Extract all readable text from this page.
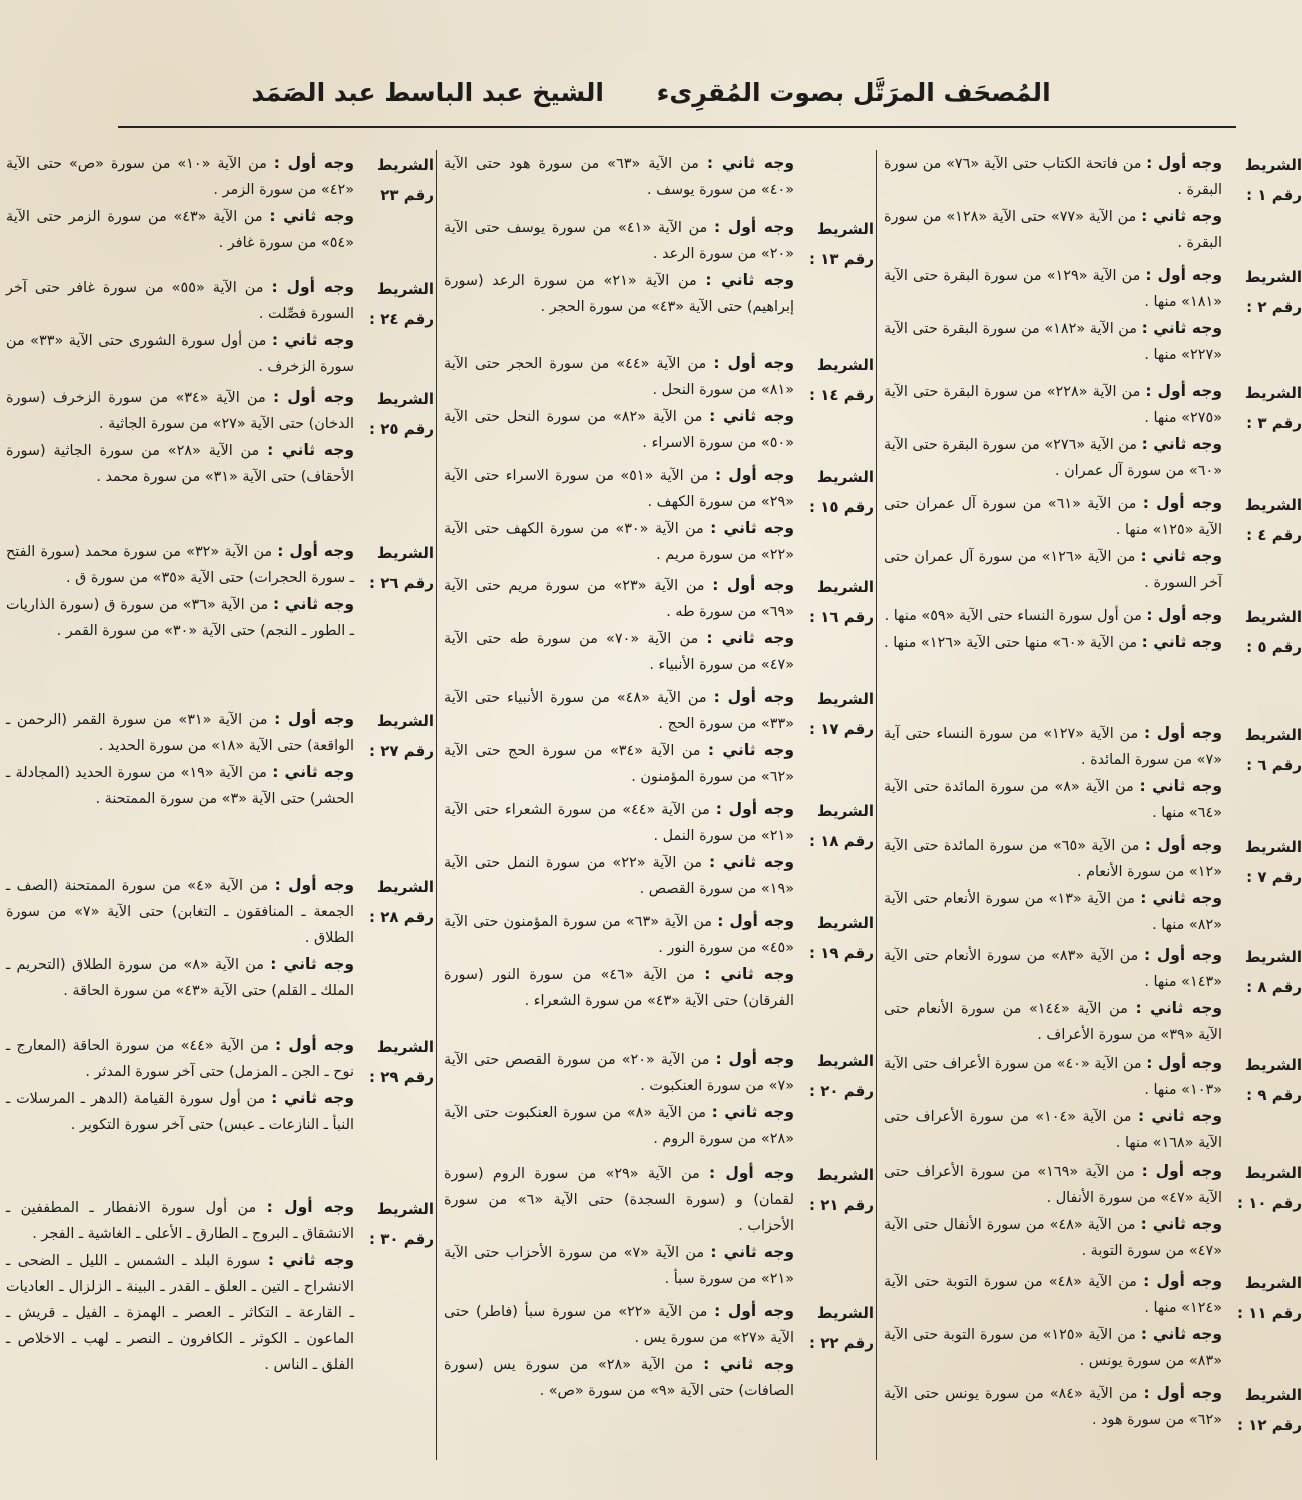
المُصحَف المرَتَّل بصوت المُقرِىء الشيخ عبد الباسط عبد الصَمَد
الشريط
رقم ١ :
وجه أول : من فاتحة الكتاب حتى الآية «٧٦» من سورة البقرة .
وجه ثاني : من الآية «٧٧» حتى الآية «١٢٨» من سورة البقرة .
الشريط
رقم ٢ :
وجه أول : من الآية «١٢٩» من سورة البقرة حتى الآية «١٨١» منها .
وجه ثاني : من الآية «١٨٢» من سورة البقرة حتى الآية «٢٢٧» منها .
الشريط
رقم ٣ :
وجه أول : من الآية «٢٢٨» من سورة البقرة حتى الآية «٢٧٥» منها .
وجه ثاني : من الآية «٢٧٦» من سورة البقرة حتى الآية «٦٠» من سورة آل عمران .
الشريط
رقم ٤ :
وجه أول : من الآية «٦١» من سورة آل عمران حتى الآية «١٢٥» منها .
وجه ثاني : من الآية «١٢٦» من سورة آل عمران حتى آخر السورة .
الشريط
رقم ٥ :
وجه أول : من أول سورة النساء حتى الآية «٥٩» منها .
وجه ثاني : من الآية «٦٠» منها حتى الآية «١٢٦» منها .
الشريط
رقم ٦ :
وجه أول : من الآية «١٢٧» من سورة النساء حتى آية «٧» من سورة المائدة .
وجه ثاني : من الآية «٨» من سورة المائدة حتى الآية «٦٤» منها .
الشريط
رقم ٧ :
وجه أول : من الآية «٦٥» من سورة المائدة حتى الآية «١٢» من سورة الأنعام .
وجه ثاني : من الآية «١٣» من سورة الأنعام حتى الآية «٨٢» منها .
الشريط
رقم ٨ :
وجه أول : من الآية «٨٣» من سورة الأنعام حتى الآية «١٤٣» منها .
وجه ثاني : من الآية «١٤٤» من سورة الأنعام حتى الآية «٣٩» من سورة الأعراف .
الشريط
رقم ٩ :
وجه أول : من الآية «٤٠» من سورة الأعراف حتى الآية «١٠٣» منها .
وجه ثاني : من الآية «١٠٤» من سورة الأعراف حتى الآية «١٦٨» منها .
الشريط
رقم ١٠ :
وجه أول : من الآية «١٦٩» من سورة الأعراف حتى الآية «٤٧» من سورة الأنفال .
وجه ثاني : من الآية «٤٨» من سورة الأنفال حتى الآية «٤٧» من سورة التوبة .
الشريط
رقم ١١ :
وجه أول : من الآية «٤٨» من سورة التوبة حتى الآية «١٢٤» منها .
وجه ثاني : من الآية «١٢٥» من سورة التوبة حتى الآية «٨٣» من سورة يونس .
الشريط
رقم ١٢ :
وجه أول : من الآية «٨٤» من سورة يونس حتى الآية «٦٢» من سورة هود .
وجه ثاني : من الآية «٦٣» من سورة هود حتى الآية «٤٠» من سورة يوسف .
الشريط
رقم ١٣ :
وجه أول : من الآية «٤١» من سورة يوسف حتى الآية «٢٠» من سورة الرعد .
وجه ثاني : من الآية «٢١» من سورة الرعد (سورة إبراهيم) حتى الآية «٤٣» من سورة الحجر .
الشريط
رقم ١٤ :
وجه أول : من الآية «٤٤» من سورة الحجر حتى الآية «٨١» من سورة النحل .
وجه ثاني : من الآية «٨٢» من سورة النحل حتى الآية «٥٠» من سورة الاسراء .
الشريط
رقم ١٥ :
وجه أول : من الآية «٥١» من سورة الاسراء حتى الآية «٢٩» من سورة الكهف .
وجه ثاني : من الآية «٣٠» من سورة الكهف حتى الآية «٢٢» من سورة مريم .
الشريط
رقم ١٦ :
وجه أول : من الآية «٢٣» من سورة مريم حتى الآية «٦٩» من سورة طه .
وجه ثاني : من الآية «٧٠» من سورة طه حتى الآية «٤٧» من سورة الأنبياء .
الشريط
رقم ١٧ :
وجه أول : من الآية «٤٨» من سورة الأنبياء حتى الآية «٣٣» من سورة الحج .
وجه ثاني : من الآية «٣٤» من سورة الحج حتى الآية «٦٢» من سورة المؤمنون .
الشريط
رقم ١٨ :
وجه أول : من الآية «٤٤» من سورة الشعراء حتى الآية «٢١» من سورة النمل .
وجه ثاني : من الآية «٢٢» من سورة النمل حتى الآية «١٩» من سورة القصص .
الشريط
رقم ١٩ :
وجه أول : من الآية «٦٣» من سورة المؤمنون حتى الآية «٤٥» من سورة النور .
وجه ثاني : من الآية «٤٦» من سورة النور (سورة الفرقان) حتى الآية «٤٣» من سورة الشعراء .
الشريط
رقم ٢٠ :
وجه أول : من الآية «٢٠» من سورة القصص حتى الآية «٧» من سورة العنكبوت .
وجه ثاني : من الآية «٨» من سورة العنكبوت حتى الآية «٢٨» من سورة الروم .
الشريط
رقم ٢١ :
وجه أول : من الآية «٢٩» من سورة الروم (سورة لقمان) و (سورة السجدة) حتى الآية «٦» من سورة الأحزاب .
وجه ثاني : من الآية «٧» من سورة الأحزاب حتى الآية «٢١» من سورة سبأ .
الشريط
رقم ٢٢ :
وجه أول : من الآية «٢٢» من سورة سبأ (فاطر) حتى الآية «٢٧» من سورة يس .
وجه ثاني : من الآية «٢٨» من سورة يس (سورة الصافات) حتى الآية «٩» من سورة «ص» .
الشريط
رقم ٢٣
وجه أول : من الآية «١٠» من سورة «ص» حتى الآية «٤٢» من سورة الزمر .
وجه ثاني : من الآية «٤٣» من سورة الزمر حتى الآية «٥٤» من سورة غافر .
الشريط
رقم ٢٤ :
وجه أول : من الآية «٥٥» من سورة غافر حتى آخر السورة فصِّلت .
وجه ثاني : من أول سورة الشورى حتى الآية «٣٣» من سورة الزخرف .
الشريط
رقم ٢٥ :
وجه أول : من الآية «٣٤» من سورة الزخرف (سورة الدخان) حتى الآية «٢٧» من سورة الجاثية .
وجه ثاني : من الآية «٢٨» من سورة الجاثية (سورة الأحقاف) حتى الآية «٣١» من سورة محمد .
الشريط
رقم ٢٦ :
وجه أول : من الآية «٣٢» من سورة محمد (سورة الفتح ـ سورة الحجرات) حتى الآية «٣٥» من سورة ق .
وجه ثاني : من الآية «٣٦» من سورة ق (سورة الذاريات ـ الطور ـ النجم) حتى الآية «٣٠» من سورة القمر .
الشريط
رقم ٢٧ :
وجه أول : من الآية «٣١» من سورة القمر (الرحمن ـ الواقعة) حتى الآية «١٨» من سورة الحديد .
وجه ثاني : من الآية «١٩» من سورة الحديد (المجادلة ـ الحشر) حتى الآية «٣» من سورة الممتحنة .
الشريط
رقم ٢٨ :
وجه أول : من الآية «٤» من سورة الممتحنة (الصف ـ الجمعة ـ المنافقون ـ التغابن) حتى الآية «٧» من سورة الطلاق .
وجه ثاني : من الآية «٨» من سورة الطلاق (التحريم ـ الملك ـ القلم) حتى الآية «٤٣» من سورة الحاقة .
الشريط
رقم ٢٩ :
وجه أول : من الآية «٤٤» من سورة الحاقة (المعارج ـ نوح ـ الجن ـ المزمل) حتى آخر سورة المدثر .
وجه ثاني : من أول سورة القيامة (الدهر ـ المرسلات ـ النبأ ـ النازعات ـ عبس) حتى آخر سورة التكوير .
الشريط
رقم ٣٠ :
وجه أول : من أول سورة الانفطار ـ المطففين ـ الانشقاق ـ البروج ـ الطارق ـ الأعلى ـ الغاشية ـ الفجر .
وجه ثاني : سورة البلد ـ الشمس ـ الليل ـ الضحى ـ الانشراح ـ التين ـ العلق ـ القدر ـ البينة ـ الزلزال ـ العاديات ـ القارعة ـ التكاثر ـ العصر ـ الهمزة ـ الفيل ـ قريش ـ الماعون ـ الكوثر ـ الكافرون ـ النصر ـ لهب ـ الاخلاص ـ الفلق ـ الناس .
